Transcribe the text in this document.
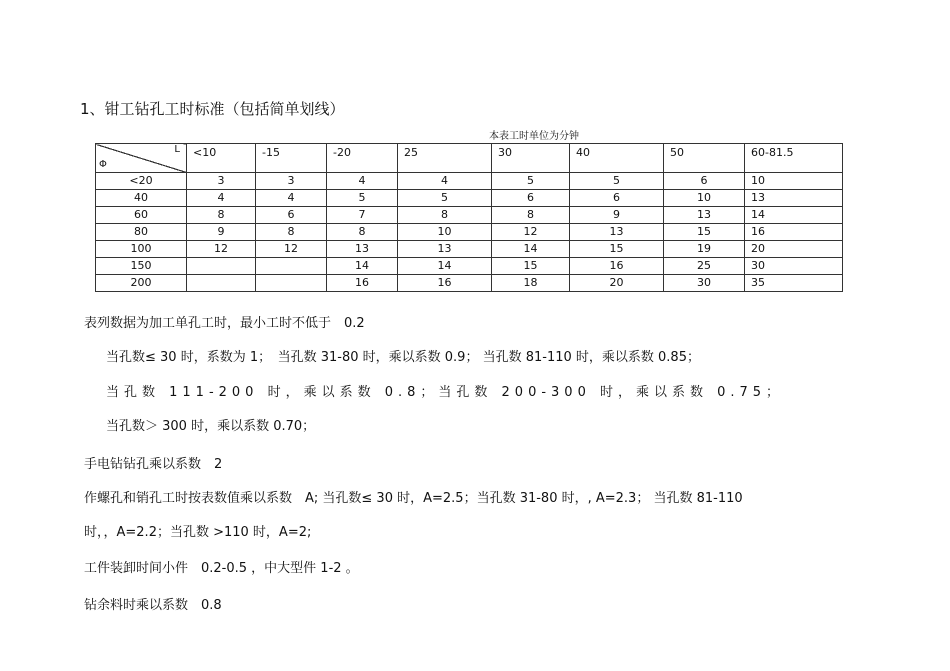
1、钳工钻孔工时标准（包括简单划线）
本表工时单位为分钟
L
Φ	<10	-15	-20	25	30	40	50	60-81.5
<20	3	3	4	4	5	5	6	10
40	4	4	5	5	6	6	10	13
60	8	6	7	8	8	9	13	14
80	9	8	8	10	12	13	15	16
100	12	12	13	13	14	15	19	20
150			14	14	15	16	25	30
200			16	16	18	20	30	35
表列数据为加工单孔工时，最小工时不低于　0.2
当孔数≤ 30 时，系数为 1；　当孔数 31-80 时，乘以系数 0.9； 当孔数 81-110 时，乘以系数 0.85；
当孔数 111-200 时，乘以系数 0.8；当孔数 200-300 时，乘以系数 0.75；
当孔数＞ 300 时，乘以系数 0.70；
手电钻钻孔乘以系数　2
作螺孔和销孔工时按表数值乘以系数　A; 当孔数≤ 30 时，A=2.5；当孔数 31-80 时，, A=2.3； 当孔数 81-110
时，，A=2.2；当孔数 >110 时，A=2;
工件装卸时间小件　0.2-0.5 ，中大型件 1-2 。
钻余料时乘以系数　0.8
